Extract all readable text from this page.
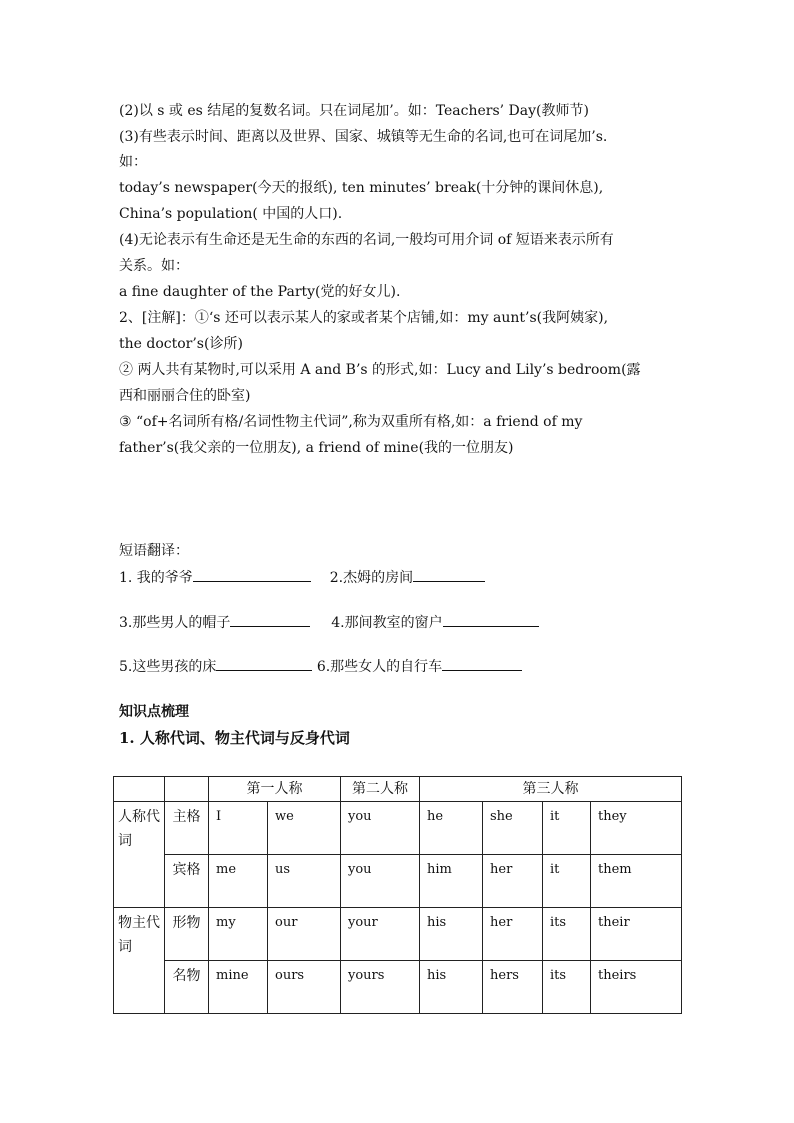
(2)以 s 或 es 结尾的复数名词。只在词尾加’。如：Teachers’ Day(教师节)
(3)有些表示时间、距离以及世界、国家、城镇等无生命的名词,也可在词尾加’s.
如：
today’s newspaper(今天的报纸), ten minutes’ break(十分钟的课间休息),
China’s population( 中国的人口).
(4)无论表示有生命还是无生命的东西的名词,一般均可用介词 of 短语来表示所有
关系。如：
a fine daughter of the Party(党的好女儿).
2、[注解]：①‘s 还可以表示某人的家或者某个店铺,如：my aunt’s(我阿姨家),
the doctor’s(诊所)
② 两人共有某物时,可以采用 A and B’s 的形式,如：Lucy and Lily’s bedroom(露
西和丽丽合住的卧室)
③ “of+名词所有格/名词性物主代词”,称为双重所有格,如：a friend of my
father’s(我父亲的一位朋友), a friend of mine(我的一位朋友)
短语翻译：
1. 我的爷爷	2.杰姆的房间
3.那些男人的帽子	4.那间教室的窗户
5.这些男孩的床	6.那些女人的自行车
知识点梳理
1. 人称代词、物主代词与反身代词
		第一人称		第二人称	第三人称			
人称代词	主格	I	we	you	he	she	it	they
	宾格	me	us	you	him	her	it	them
物主代词	形物	my	our	your	his	her	its	their
	名物	mine	ours	yours	his	hers	its	theirs
